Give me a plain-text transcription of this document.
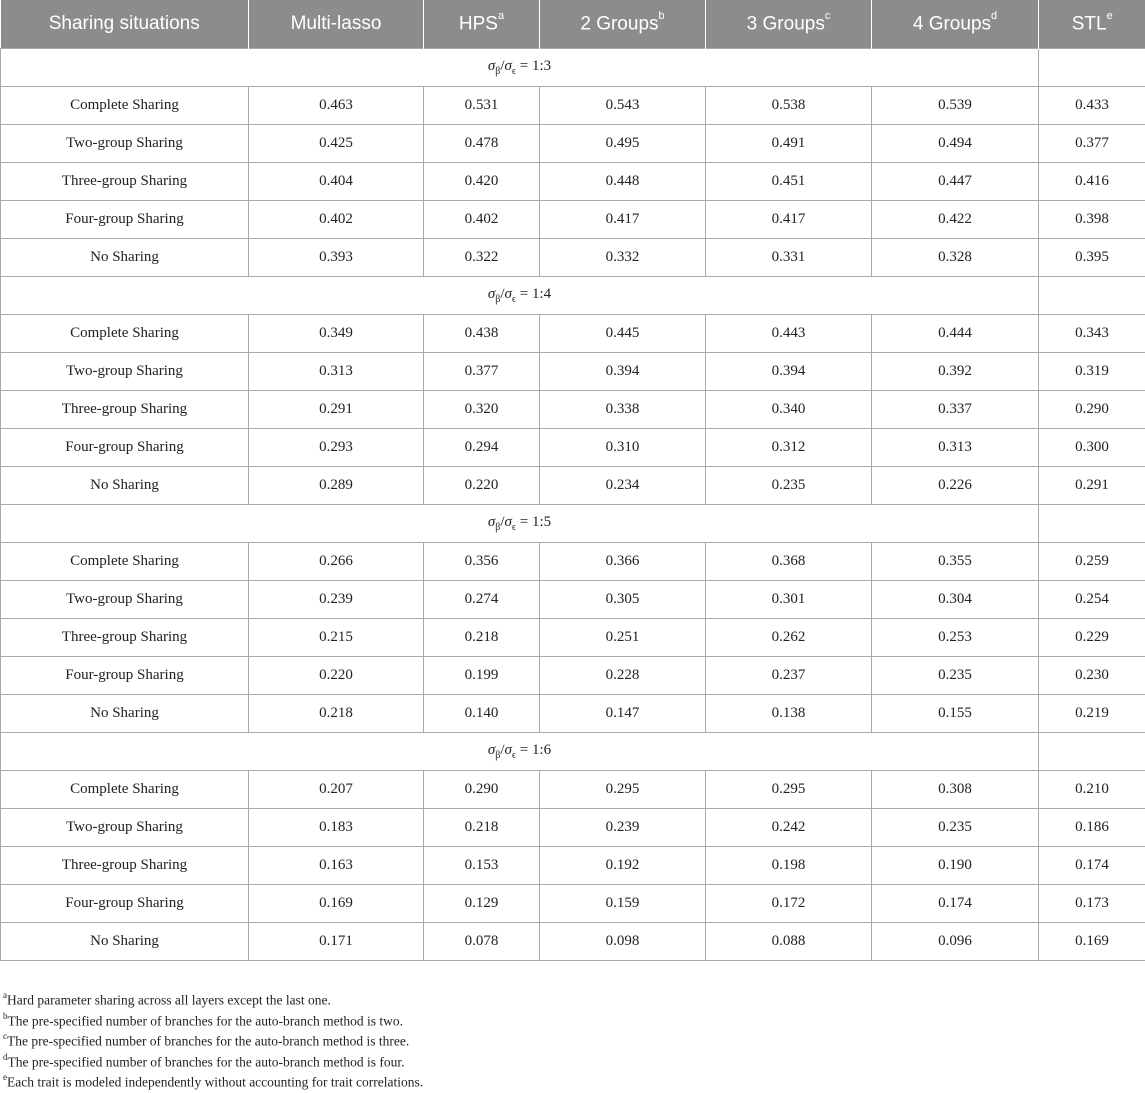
Sharing situations	Multi-lasso	HPS$^a$	2 Groups$^b$	3 Groups$^c$	4 Groups$^d$	STL$^e$
$\sigma_\beta/\sigma_\epsilon$ = 1:3						
Complete Sharing	0.463	0.531	0.543	0.538	0.539	0.433
Two-group Sharing	0.425	0.478	0.495	0.491	0.494	0.377
Three-group Sharing	0.404	0.420	0.448	0.451	0.447	0.416
Four-group Sharing	0.402	0.402	0.417	0.417	0.422	0.398
No Sharing	0.393	0.322	0.332	0.331	0.328	0.395
$\sigma_\beta/\sigma_\epsilon$ = 1:4						
Complete Sharing	0.349	0.438	0.445	0.443	0.444	0.343
Two-group Sharing	0.313	0.377	0.394	0.394	0.392	0.319
Three-group Sharing	0.291	0.320	0.338	0.340	0.337	0.290
Four-group Sharing	0.293	0.294	0.310	0.312	0.313	0.300
No Sharing	0.289	0.220	0.234	0.235	0.226	0.291
$\sigma_\beta/\sigma_\epsilon$ = 1:5						
Complete Sharing	0.266	0.356	0.366	0.368	0.355	0.259
Two-group Sharing	0.239	0.274	0.305	0.301	0.304	0.254
Three-group Sharing	0.215	0.218	0.251	0.262	0.253	0.229
Four-group Sharing	0.220	0.199	0.228	0.237	0.235	0.230
No Sharing	0.218	0.140	0.147	0.138	0.155	0.219
$\sigma_\beta/\sigma_\epsilon$ = 1:6						
Complete Sharing	0.207	0.290	0.295	0.295	0.308	0.210
Two-group Sharing	0.183	0.218	0.239	0.242	0.235	0.186
Three-group Sharing	0.163	0.153	0.192	0.198	0.190	0.174
Four-group Sharing	0.169	0.129	0.159	0.172	0.174	0.173
No Sharing	0.171	0.078	0.098	0.088	0.096	0.169
$^a$Hard parameter sharing across all layers except the last one.
$^b$The pre-specified number of branches for the auto-branch method is two.
$^c$The pre-specified number of branches for the auto-branch method is three.
$^d$The pre-specified number of branches for the auto-branch method is four.
$^e$Each trait is modeled independently without accounting for trait correlations.
